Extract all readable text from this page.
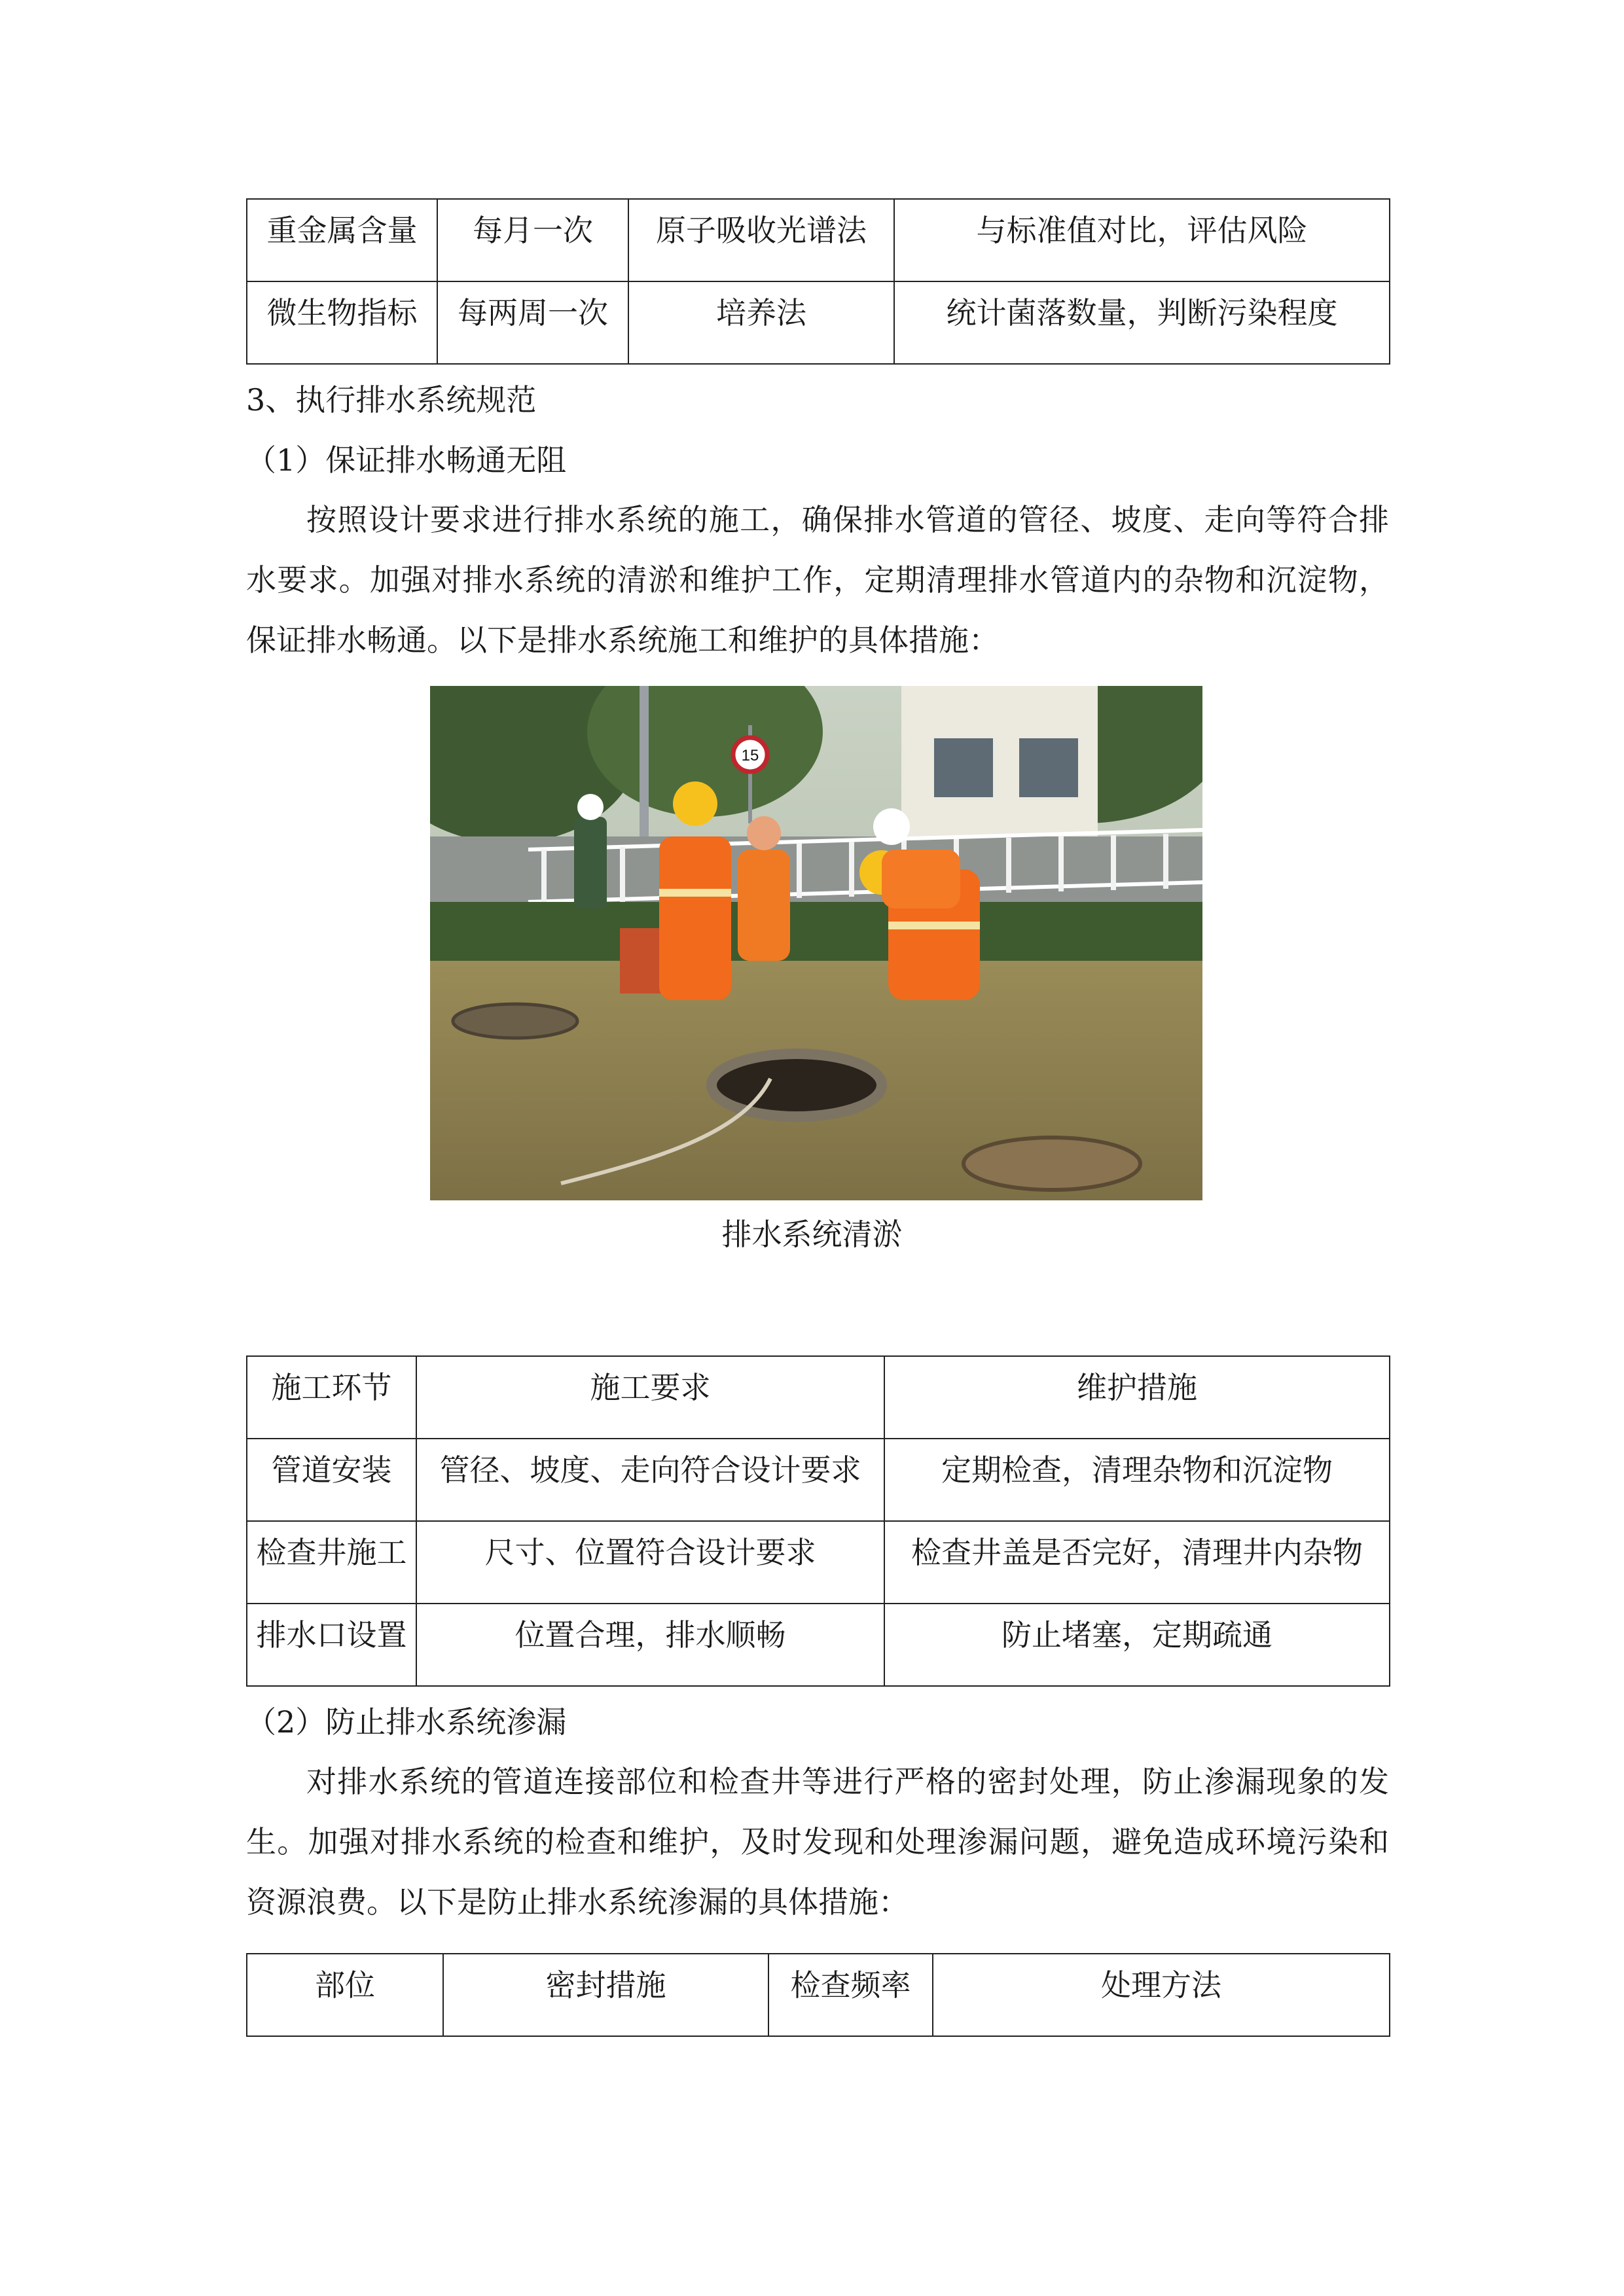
重金属含量	每月一次	原子吸收光谱法	与标准值对比，评估风险
微生物指标	每两周一次	培养法	统计菌落数量，判断污染程度
3、执行排水系统规范
（1）保证排水畅通无阻
按照设计要求进行排水系统的施工，确保排水管道的管径、坡度、走向等符合排水要求。加强对排水系统的清淤和维护工作，定期清理排水管道内的杂物和沉淀物，保证排水畅通。以下是排水系统施工和维护的具体措施：
15
排水系统清淤
施工环节	施工要求	维护措施
管道安装	管径、坡度、走向符合设计要求	定期检查，清理杂物和沉淀物
检查井施工	尺寸、位置符合设计要求	检查井盖是否完好，清理井内杂物
排水口设置	位置合理，排水顺畅	防止堵塞，定期疏通
（2）防止排水系统渗漏
对排水系统的管道连接部位和检查井等进行严格的密封处理，防止渗漏现象的发生。加强对排水系统的检查和维护，及时发现和处理渗漏问题，避免造成环境污染和资源浪费。以下是防止排水系统渗漏的具体措施：
部位	密封措施	检查频率	处理方法
